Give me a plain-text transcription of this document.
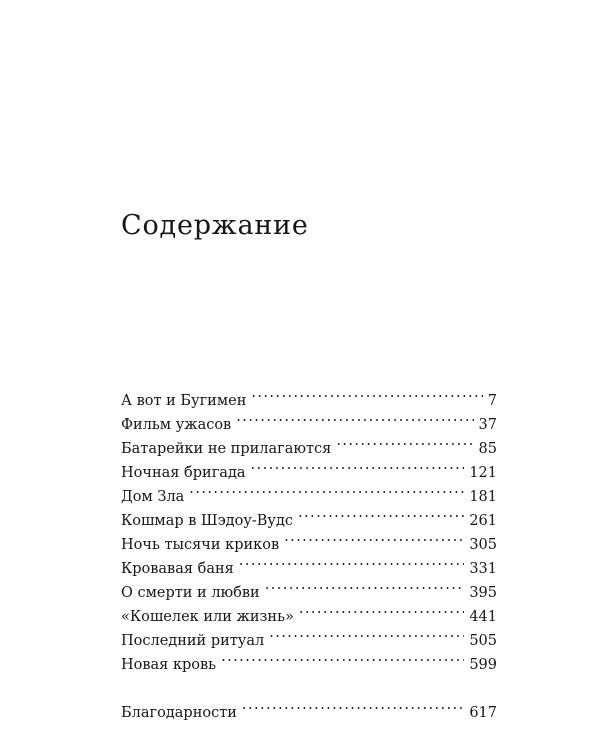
Содержание
А вот и Бугимен . . .	7
Фильм ужасов . . .	37
Батарейки не прилагаются . . .	85
Ночная бригада . . .	121
Дом Зла . . .	181
Кошмар в Шэдоу-Вудс . . .	261
Ночь тысячи криков . . .	305
Кровавая баня . . .	331
О смерти и любви . . .	395
«Кошелек или жизнь» . . .	441
Последний ритуал . . .	505
Новая кровь . . .	599
Благодарности . . .	617
